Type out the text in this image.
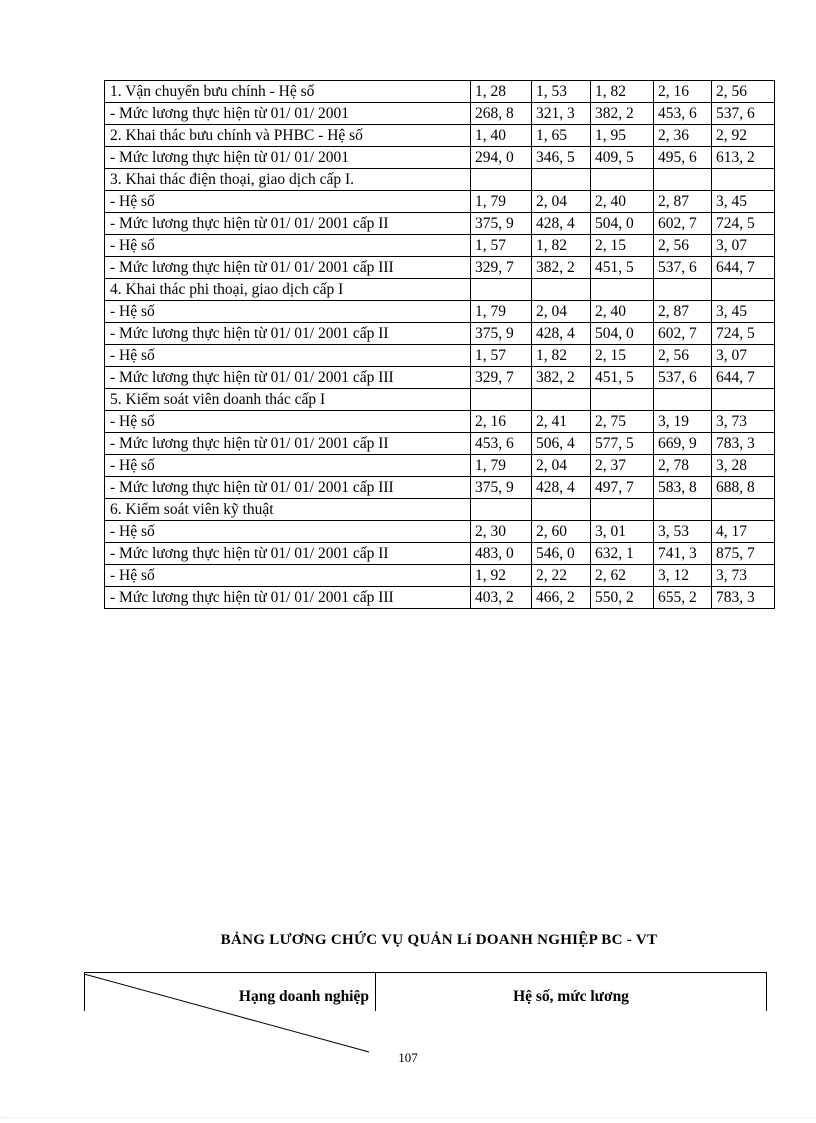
1. Vận chuyển bưu chính - Hệ số	1, 28	1, 53	1, 82	2, 16	2, 56
- Mức lương thực hiện từ 01/ 01/ 2001	268, 8	321, 3	382, 2	453, 6	537, 6
2. Khai thác bưu chính và PHBC - Hệ số	1, 40	1, 65	1, 95	2, 36	2, 92
- Mức lương thực hiện từ 01/ 01/ 2001	294, 0	346, 5	409, 5	495, 6	613, 2
3. Khai thác điện thoại, giao dịch cấp I.					
- Hệ số	1, 79	2, 04	2, 40	2, 87	3, 45
- Mức lương thực hiện từ 01/ 01/ 2001 cấp II	375, 9	428, 4	504, 0	602, 7	724, 5
- Hệ số	1, 57	1, 82	2, 15	2, 56	3, 07
- Mức lương thực hiện từ 01/ 01/ 2001 cấp III	329, 7	382, 2	451, 5	537, 6	644, 7
4. Khai thác phi thoại, giao dịch cấp I					
- Hệ số	1, 79	2, 04	2, 40	2, 87	3, 45
- Mức lương thực hiện từ 01/ 01/ 2001 cấp II	375, 9	428, 4	504, 0	602, 7	724, 5
- Hệ số	1, 57	1, 82	2, 15	2, 56	3, 07
- Mức lương thực hiện từ 01/ 01/ 2001 cấp III	329, 7	382, 2	451, 5	537, 6	644, 7
5. Kiểm soát viên doanh thác cấp I					
- Hệ số	2, 16	2, 41	2, 75	3, 19	3, 73
- Mức lương thực hiện từ 01/ 01/ 2001 cấp II	453, 6	506, 4	577, 5	669, 9	783, 3
- Hệ số	1, 79	2, 04	2, 37	2, 78	3, 28
- Mức lương thực hiện từ 01/ 01/ 2001 cấp III	375, 9	428, 4	497, 7	583, 8	688, 8
6. Kiểm soát viên kỹ thuật					
- Hệ số	2, 30	2, 60	3, 01	3, 53	4, 17
- Mức lương thực hiện từ 01/ 01/ 2001 cấp II	483, 0	546, 0	632, 1	741, 3	875, 7
- Hệ số	1, 92	2, 22	2, 62	3, 12	3, 73
- Mức lương thực hiện từ 01/ 01/ 2001 cấp III	403, 2	466, 2	550, 2	655, 2	783, 3
BẢNG LƯƠNG CHỨC VỤ QUẢN Lí DOANH NGHIỆP BC - VT
Hạng doanh nghiệp	Hệ số, mức lương
107
